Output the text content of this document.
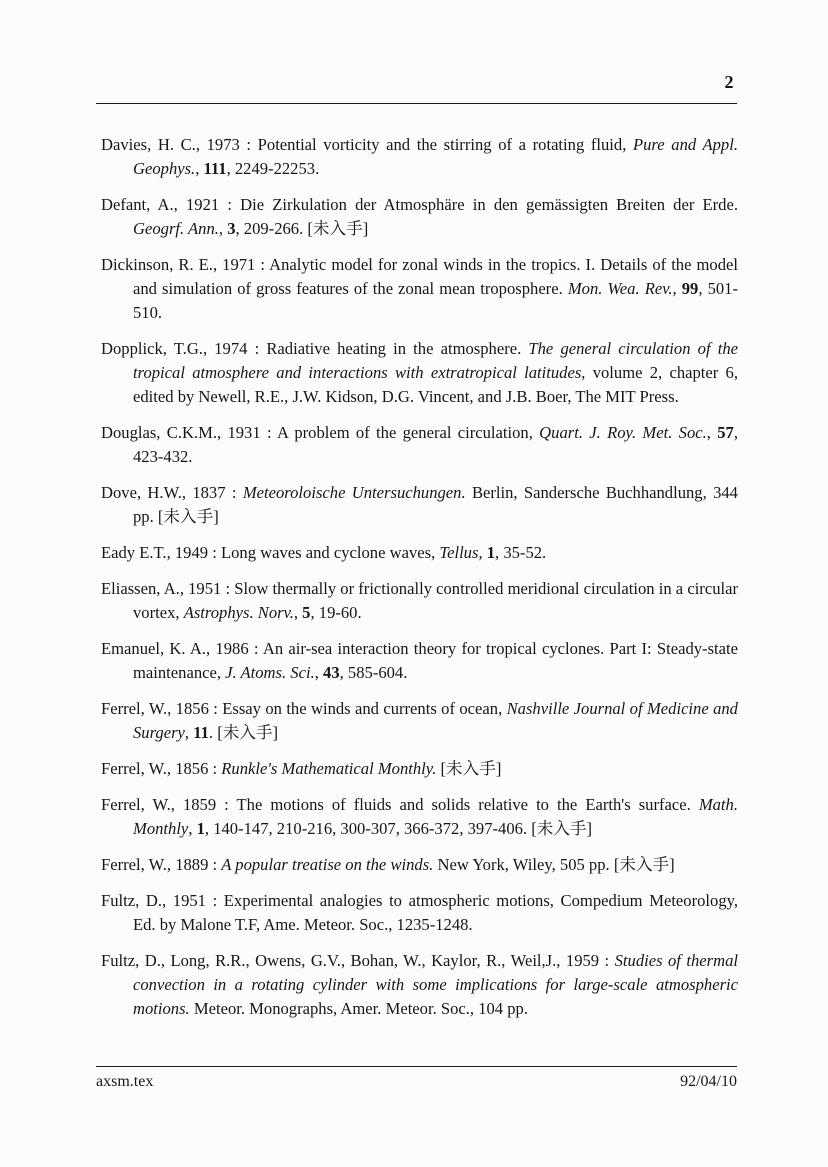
2

Davies, H. C., 1973 : Potential vorticity and the stirring of a rotating fluid, Pure and Appl. Geophys., 111, 2249-22253.

Defant, A., 1921 : Die Zirkulation der Atmosphäre in den gemässigten Breiten der Erde. Geogrf. Ann., 3, 209-266. [未入手]

Dickinson, R. E., 1971 : Analytic model for zonal winds in the tropics. I. Details of the model and simulation of gross features of the zonal mean troposphere. Mon. Wea. Rev., 99, 501-510.

Dopplick, T.G., 1974 : Radiative heating in the atmosphere. The general circulation of the tropical atmosphere and interactions with extratropical latitudes, volume 2, chapter 6, edited by Newell, R.E., J.W. Kidson, D.G. Vincent, and J.B. Boer, The MIT Press.

Douglas, C.K.M., 1931 : A problem of the general circulation, Quart. J. Roy. Met. Soc., 57, 423-432.

Dove, H.W., 1837 : Meteoroloische Untersuchungen. Berlin, Sandersche Buchhandlung, 344 pp. [未入手]

Eady E.T., 1949 : Long waves and cyclone waves, Tellus, 1, 35-52.

Eliassen, A., 1951 : Slow thermally or frictionally controlled meridional circulation in a circular vortex, Astrophys. Norv., 5, 19-60.

Emanuel, K. A., 1986 : An air-sea interaction theory for tropical cyclones. Part I: Steady-state maintenance, J. Atoms. Sci., 43, 585-604.

Ferrel, W., 1856 : Essay on the winds and currents of ocean, Nashville Journal of Medicine and Surgery, 11. [未入手]

Ferrel, W., 1856 : Runkle's Mathematical Monthly. [未入手]

Ferrel, W., 1859 : The motions of fluids and solids relative to the Earth's surface. Math. Monthly, 1, 140-147, 210-216, 300-307, 366-372, 397-406. [未入手]

Ferrel, W., 1889 : A popular treatise on the winds. New York, Wiley, 505 pp. [未入手]

Fultz, D., 1951 : Experimental analogies to atmospheric motions, Compedium Meteorology, Ed. by Malone T.F, Ame. Meteor. Soc., 1235-1248.

Fultz, D., Long, R.R., Owens, G.V., Bohan, W., Kaylor, R., Weil,J., 1959 : Studies of thermal convection in a rotating cylinder with some implications for large-scale atmospheric motions. Meteor. Monographs, Amer. Meteor. Soc., 104 pp.

axsm.tex	92/04/10
